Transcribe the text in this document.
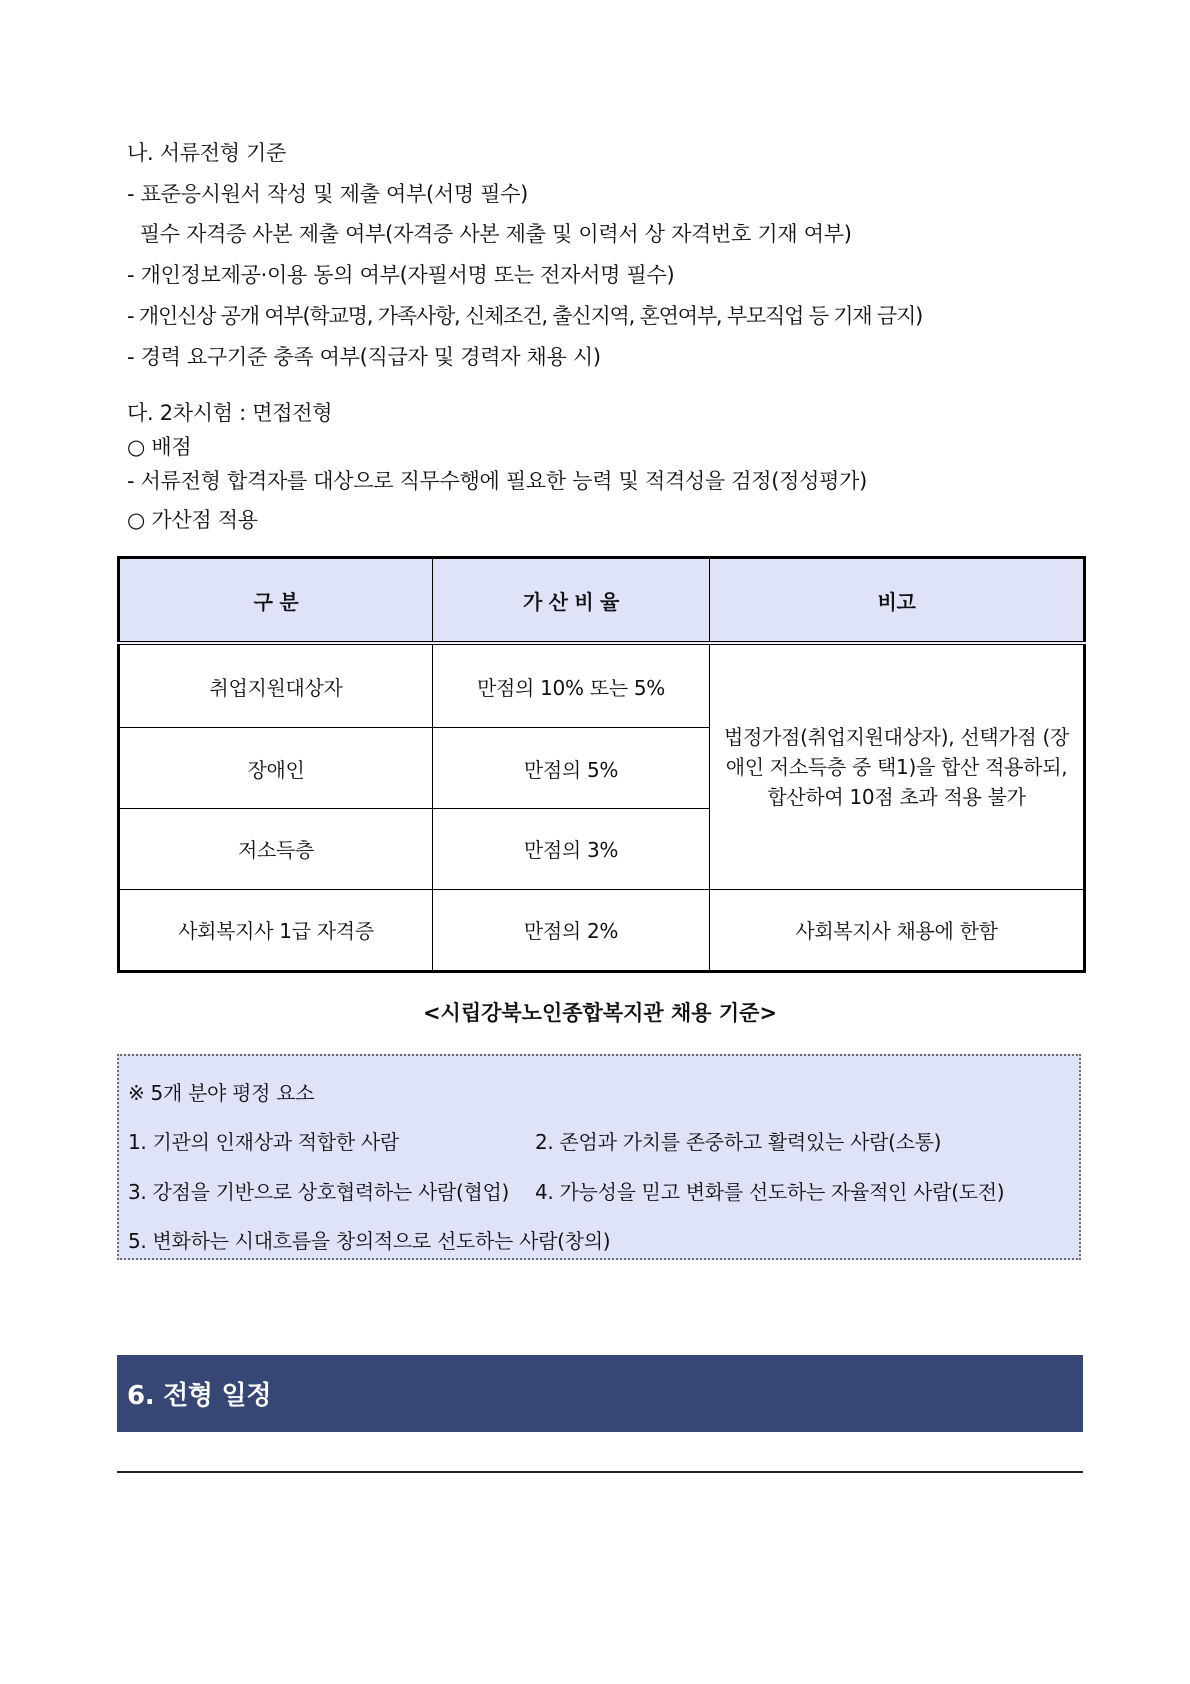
나. 서류전형 기준

- 표준응시원서 작성 및 제출 여부(서명 필수)

필수 자격증 사본 제출 여부(자격증 사본 제출 및 이력서 상 자격번호 기재 여부)

- 개인정보제공·이용 동의 여부(자필서명 또는 전자서명 필수)

- 개인신상 공개 여부(학교명, 가족사항, 신체조건, 출신지역, 혼연여부, 부모직업 등 기재 금지)

- 경력 요구기준 충족 여부(직급자 및 경력자 채용 시)

다. 2차시험 : 면접전형

○ 배점

- 서류전형 합격자를 대상으로 직무수행에 필요한 능력 및 적격성을 검정(정성평가)

○ 가산점 적용

구 분	가 산 비 율	비고
취업지원대상자	만점의 10% 또는 5%	법정가점(취업지원대상자), 선택가점 (장애인 저소득층 중 택1)을 합산 적용하되, 합산하여 10점 초과 적용 불가
장애인	만점의 5%	
저소득층	만점의 3%	
사회복지사 1급 자격증	만점의 2%	사회복지사 채용에 한함

<시립강북노인종합복지관 채용 기준>

※ 5개 분야 평정 요소

1. 기관의 인재상과 적합한 사람	2. 존엄과 가치를 존중하고 활력있는 사람(소통)

3. 강점을 기반으로 상호협력하는 사람(협업) 4. 가능성을 믿고 변화를 선도하는 자율적인 사람(도전)

5. 변화하는 시대흐름을 창의적으로 선도하는 사람(창의)

6. 전형 일정
